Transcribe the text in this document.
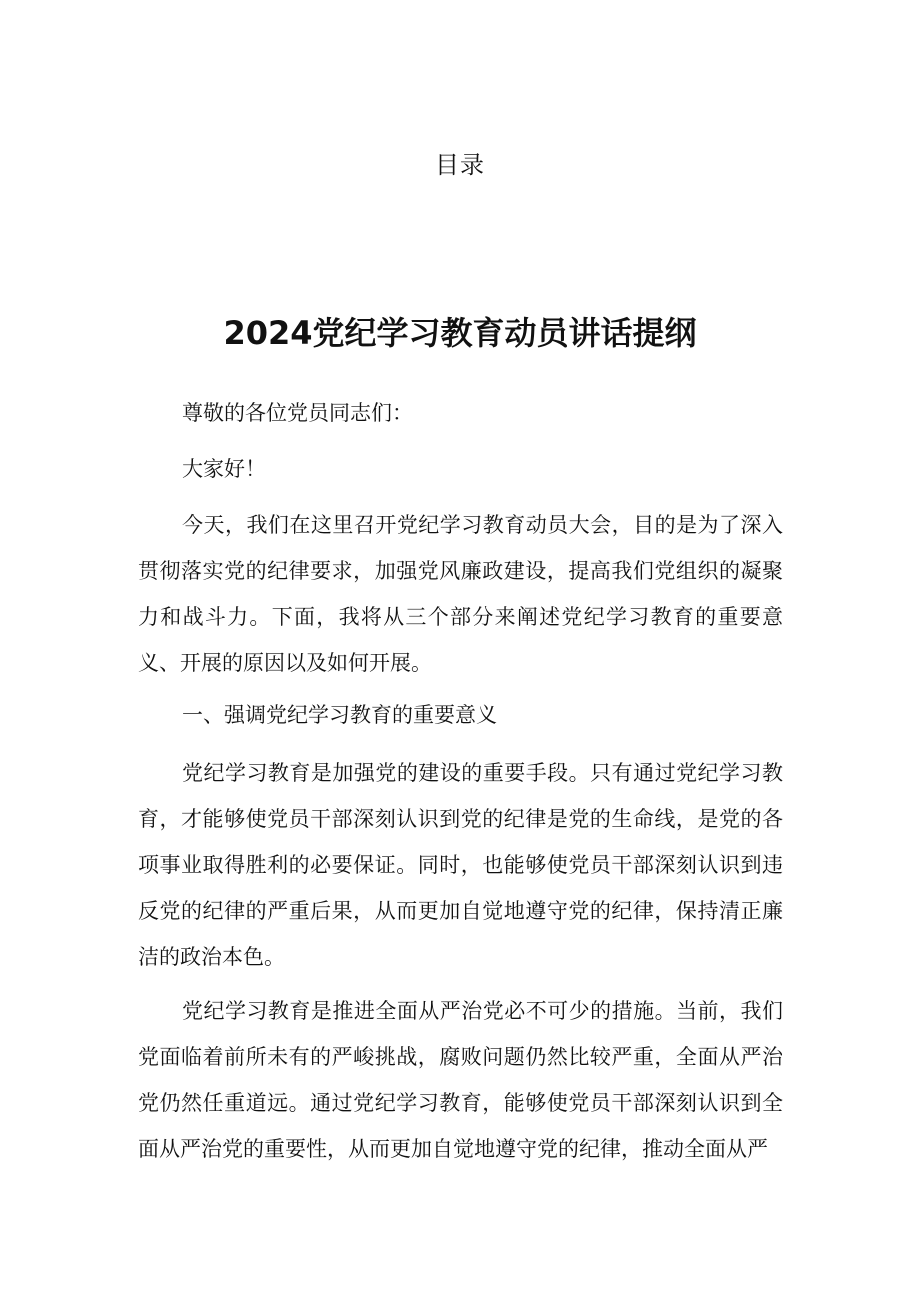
目录
2024党纪学习教育动员讲话提纲

尊敬的各位党员同志们：

大家好！

今天，我们在这里召开党纪学习教育动员大会，目的是为了深入贯彻落实党的纪律要求，加强党风廉政建设，提高我们党组织的凝聚力和战斗力。下面，我将从三个部分来阐述党纪学习教育的重要意义、开展的原因以及如何开展。

一、强调党纪学习教育的重要意义

党纪学习教育是加强党的建设的重要手段。只有通过党纪学习教育，才能够使党员干部深刻认识到党的纪律是党的生命线，是党的各项事业取得胜利的必要保证。同时，也能够使党员干部深刻认识到违反党的纪律的严重后果，从而更加自觉地遵守党的纪律，保持清正廉洁的政治本色。

党纪学习教育是推进全面从严治党必不可少的措施。当前，我们党面临着前所未有的严峻挑战，腐败问题仍然比较严重，全面从严治党仍然任重道远。通过党纪学习教育，能够使党员干部深刻认识到全面从严治党的重要性，从而更加自觉地遵守党的纪律，推动全面从严
